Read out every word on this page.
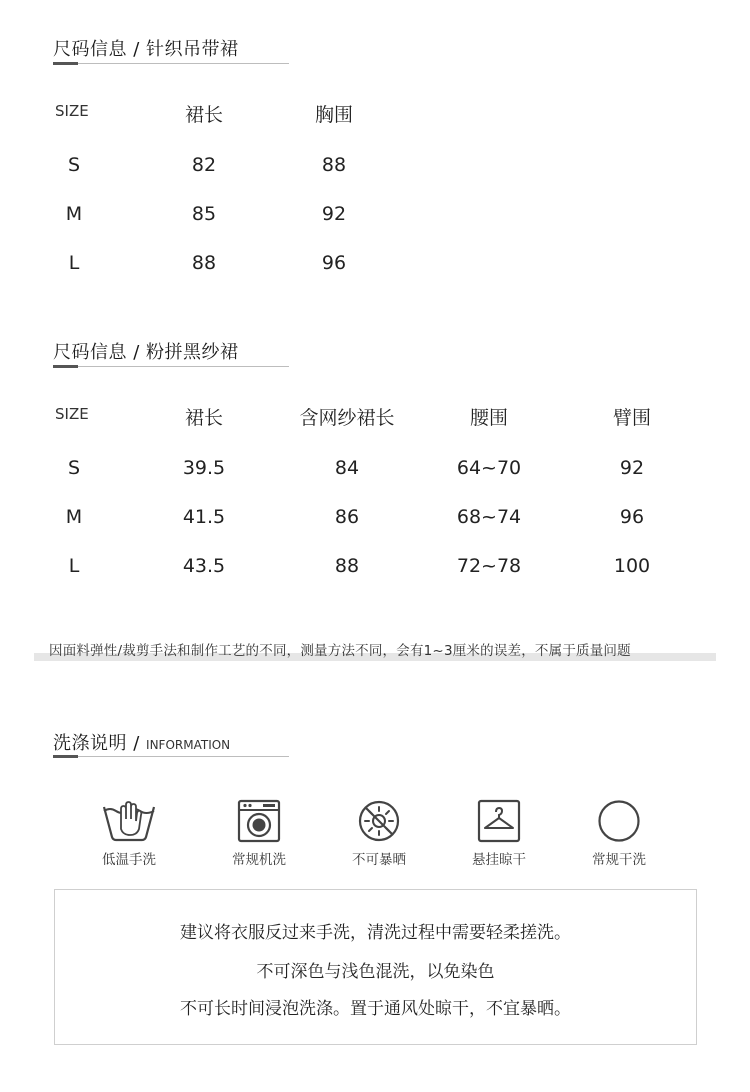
尺码信息 / 针织吊带裙
SIZE	裙长	胸围
S	82	88
M	85	92
L	88	96
尺码信息 / 粉拼黑纱裙
SIZE	裙长	含网纱裙长	腰围	臂围
S	39.5	84	64~70	92
M	41.5	86	68~74	96
L	43.5	88	72~78	100
因面料弹性/裁剪手法和制作工艺的不同，测量方法不同，会有1~3厘米的误差，不属于质量问题
洗涤说明 / INFORMATION
低温手洗	常规机洗	不可暴晒	悬挂晾干	常规干洗
建议将衣服反过来手洗，清洗过程中需要轻柔搓洗。
不可深色与浅色混洗，以免染色
不可长时间浸泡洗涤。置于通风处晾干，不宜暴晒。
